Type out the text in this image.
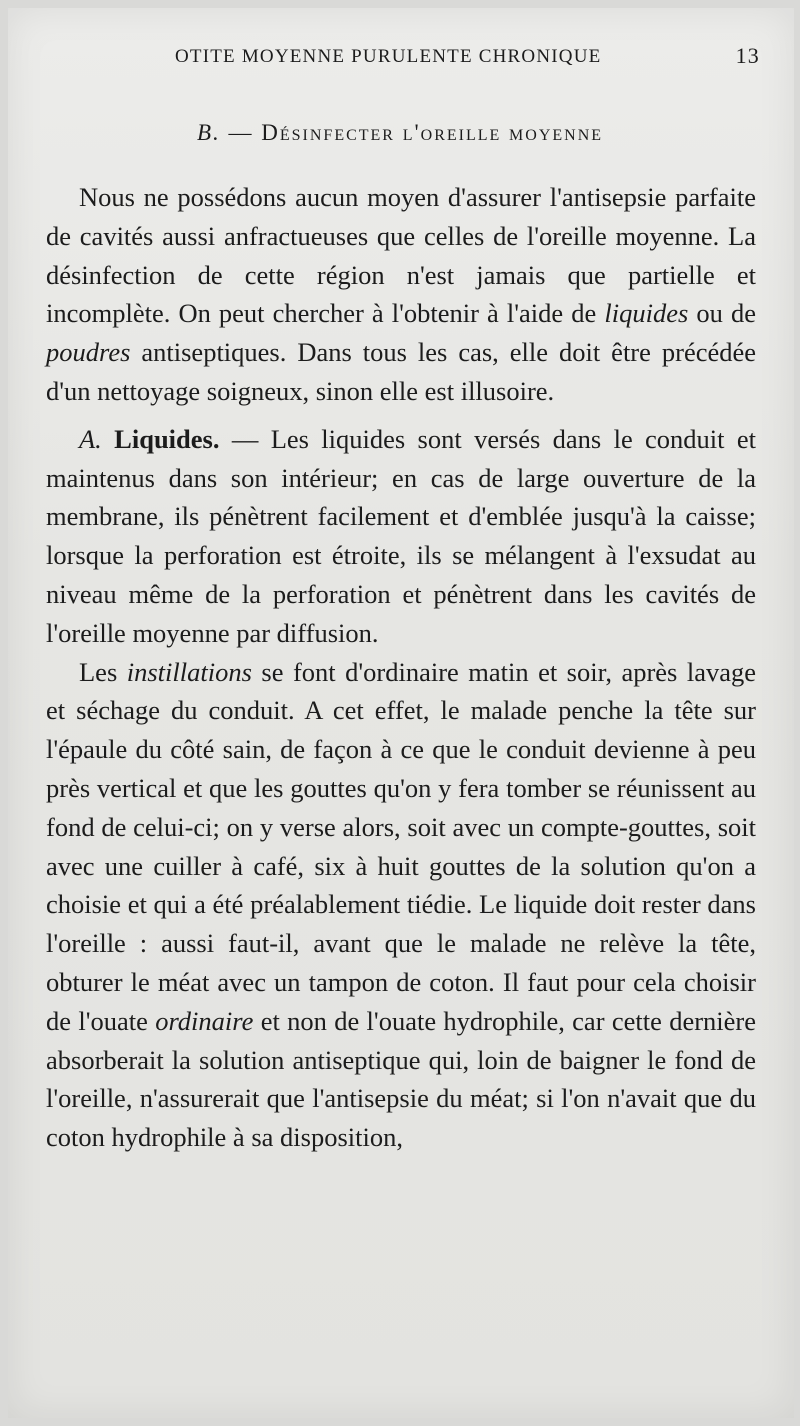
OTITE MOYENNE PURULENTE CHRONIQUE	13
B. — Désinfecter l'oreille moyenne

Nous ne possédons aucun moyen d'assurer l'antisepsie parfaite de cavités aussi anfractueuses que celles de l'oreille moyenne. La désinfection de cette région n'est jamais que partielle et incomplète. On peut chercher à l'obtenir à l'aide de liquides ou de poudres antiseptiques. Dans tous les cas, elle doit être précédée d'un nettoyage soigneux, sinon elle est illusoire.

A. Liquides. — Les liquides sont versés dans le conduit et maintenus dans son intérieur; en cas de large ouverture de la membrane, ils pénètrent facilement et d'emblée jusqu'à la caisse; lorsque la perforation est étroite, ils se mélangent à l'exsudat au niveau même de la perforation et pénètrent dans les cavités de l'oreille moyenne par diffusion.

Les instillations se font d'ordinaire matin et soir, après lavage et séchage du conduit. A cet effet, le malade penche la tête sur l'épaule du côté sain, de façon à ce que le conduit devienne à peu près vertical et que les gouttes qu'on y fera tomber se réunissent au fond de celui-ci; on y verse alors, soit avec un compte-gouttes, soit avec une cuiller à café, six à huit gouttes de la solution qu'on a choisie et qui a été préalablement tiédie. Le liquide doit rester dans l'oreille : aussi faut-il, avant que le malade ne relève la tête, obturer le méat avec un tampon de coton. Il faut pour cela choisir de l'ouate ordinaire et non de l'ouate hydrophile, car cette dernière absorberait la solution antiseptique qui, loin de baigner le fond de l'oreille, n'assurerait que l'antisepsie du méat; si l'on n'avait que du coton hydrophile à sa disposition,
